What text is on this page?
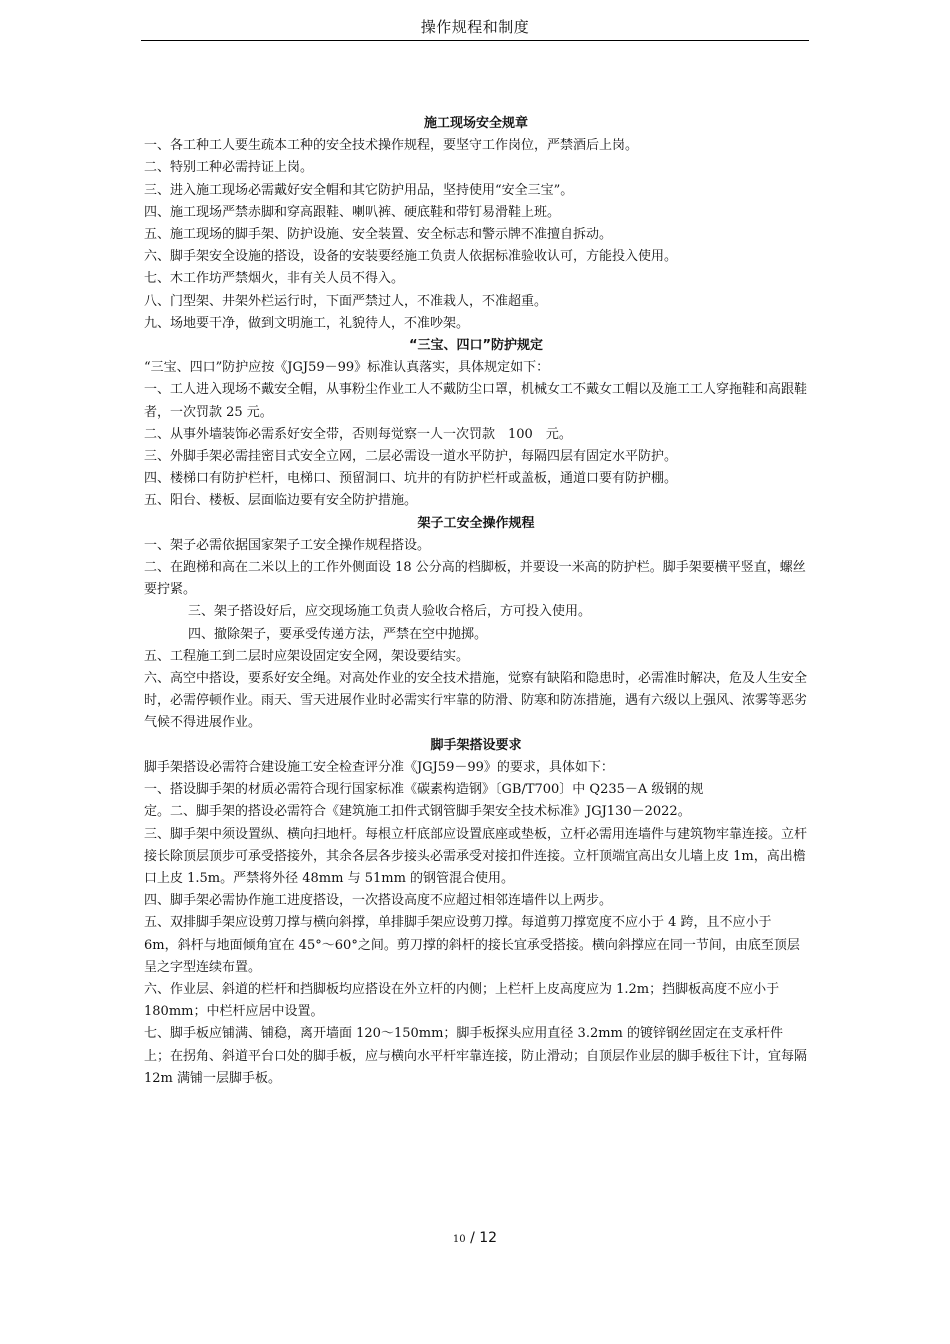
操作规程和制度

施工现场安全规章

一、各工种工人要生疏本工种的安全技术操作规程，要坚守工作岗位，严禁酒后上岗。

二、特别工种必需持证上岗。

三、进入施工现场必需戴好安全帽和其它防护用品，坚持使用“安全三宝”。

四、施工现场严禁赤脚和穿高跟鞋、喇叭裤、硬底鞋和带钉易滑鞋上班。

五、施工现场的脚手架、防护设施、安全装置、安全标志和警示牌不准擅自拆动。

六、脚手架安全设施的搭设，设备的安装要经施工负责人依据标准验收认可，方能投入使用。

七、木工作坊严禁烟火，非有关人员不得入。

八、门型架、井架外栏运行时，下面严禁过人，不准栽人，不准超重。

九、场地要干净，做到文明施工，礼貌待人，不准吵架。

“三宝、四口”防护规定

“三宝、四口”防护应按《JGJ59－99》标准认真落实，具体规定如下：

一、工人进入现场不戴安全帽，从事粉尘作业工人不戴防尘口罩，机械女工不戴女工帽以及施工工人穿拖鞋和高跟鞋者，一次罚款 25 元。

二、从事外墙装饰必需系好安全带，否则每觉察一人一次罚款　100　元。

三、外脚手架必需挂密目式安全立网，二层必需设一道水平防护，每隔四层有固定水平防护。

四、楼梯口有防护栏杆，电梯口、预留洞口、坑井的有防护栏杆或盖板，通道口要有防护棚。

五、阳台、楼板、层面临边要有安全防护措施。

架子工安全操作规程

一、架子必需依据国家架子工安全操作规程搭设。

二、在跑梯和高在二米以上的工作外侧面设 18 公分高的档脚板，并要设一米高的防护栏。脚手架要横平竖直，螺丝要拧紧。

三、架子搭设好后，应交现场施工负责人验收合格后，方可投入使用。

四、撤除架子，要承受传递方法，严禁在空中抛掷。

五、工程施工到二层时应架设固定安全网，架设要结实。

六、高空中搭设，要系好安全绳。对高处作业的安全技术措施，觉察有缺陷和隐患时，必需准时解决，危及人生安全时，必需停顿作业。雨天、雪天进展作业时必需实行牢靠的防滑、防寒和防冻措施，遇有六级以上强风、浓雾等恶劣气候不得进展作业。

脚手架搭设要求

脚手架搭设必需符合建设施工安全检查评分准《JGJ59－99》的要求，具体如下：

一、搭设脚手架的材质必需符合现行国家标准《碳素构造钢》〔GB/T700〕中 Q235－A 级钢的规

定。二、脚手架的搭设必需符合《建筑施工扣件式钢管脚手架安全技术标准》JGJ130－2022。

三、脚手架中须设置纵、横向扫地杆。每根立杆底部应设置底座或垫板，立杆必需用连墙件与建筑物牢靠连接。立杆接长除顶层顶步可承受搭接外，其余各层各步接头必需承受对接扣件连接。立杆顶端宜高出女儿墙上皮 1m，高出檐口上皮 1.5m。严禁将外径 48mm 与 51mm 的钢管混合使用。

四、脚手架必需协作施工进度搭设，一次搭设高度不应超过相邻连墙件以上两步。

五、双排脚手架应设剪刀撑与横向斜撑，单排脚手架应设剪刀撑。每道剪刀撑宽度不应小于 4 跨，且不应小于 6m，斜杆与地面倾角宜在 45°～60°之间。剪刀撑的斜杆的接长宜承受搭接。横向斜撑应在同一节间，由底至顶层呈之字型连续布置。

六、作业层、斜道的栏杆和挡脚板均应搭设在外立杆的内侧；上栏杆上皮高度应为 1.2m；挡脚板高度不应小于 180mm；中栏杆应居中设置。

七、脚手板应铺满、铺稳，离开墙面 120～150mm；脚手板探头应用直径 3.2mm 的镀锌钢丝固定在支承杆件上；在拐角、斜道平台口处的脚手板，应与横向水平杆牢靠连接，防止滑动；自顶层作业层的脚手板往下计，宜每隔 12m 满铺一层脚手板。

10 / 12
